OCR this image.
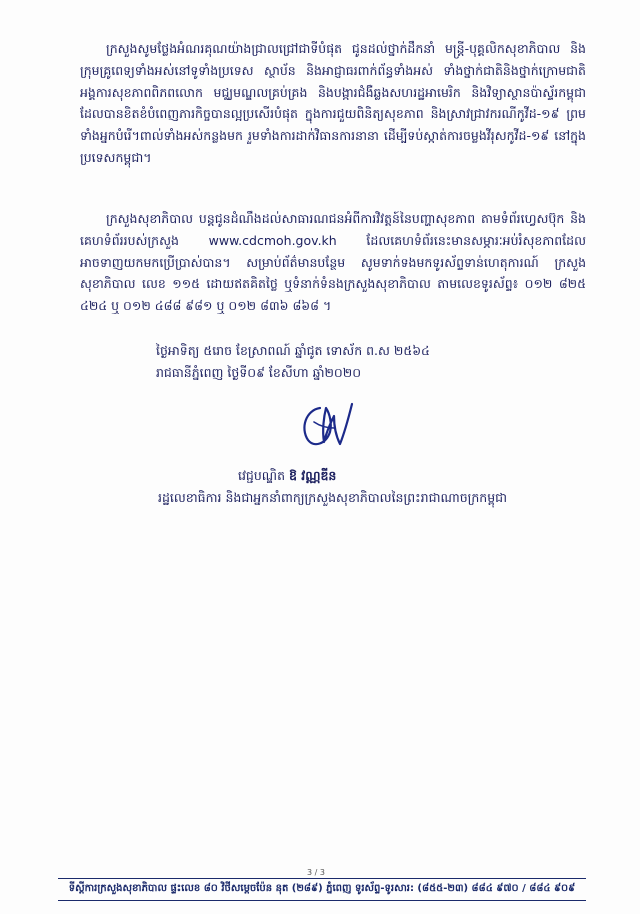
ក្រសួងសូមថ្លែងអំណរគុណយ៉ាងជ្រាលជ្រៅជាទីបំផុត ជូនដល់ថ្នាក់ដឹកនាំ មន្ត្រី-បុគ្គលិកសុខាភិបាល និងក្រុមគ្រូពេទ្យទាំងអស់នៅទូទាំងប្រទេស ស្ថាប័ន និងអាជ្ញាធរពាក់ព័ន្ធទាំងអស់ ទាំងថ្នាក់ជាតិនិងថ្នាក់ក្រោមជាតិ អង្គការសុខភាពពិភពលោក មជ្ឈមណ្ឌលគ្រប់គ្រង និងបង្ការជំងឺឆ្លងសហរដ្ឋអាមេរិក និងវិទ្យាស្ថានប៉ាស្ទ័រកម្ពុជា ដែលបានខិតខំបំពេញភារកិច្ចបានល្អប្រសើរបំផុត ក្នុងការជួយពិនិត្យសុខភាព និងស្រាវជ្រាវករណីកូវីដ-១៩ ព្រមទាំងអ្នកបំរើ។ពាល់ទាំងអស់កន្លងមក រួមទាំងការដាក់វិធានការនានា ដើម្បីទប់ស្កាត់ការចម្លងវីរុសកូវីដ-១៩ នៅក្នុងប្រទេសកម្ពុជា។

ក្រសួងសុខាភិបាល បន្តជូនដំណឹងដល់សាធារណជនអំពីការវិវត្តន៍នៃបញ្ហាសុខភាព តាមទំព័រហ្វេសប៊ុក និងគេហទំព័ររបស់ក្រសួង www.cdcmoh.gov.kh ដែលគេហទំព័រនេះមានសម្ភារៈអប់រំសុខភាពដែលអាចទាញយកមកប្រើប្រាស់បាន។ សម្រាប់ព័ត៌មានបន្ថែម សូមទាក់ទងមកទូរស័ព្ទទាន់ហេតុការណ៍ ក្រសួងសុខាភិបាល លេខ ១១៥ ដោយឥតគិតថ្លៃ ឬទំនាក់ទំនងក្រសួងសុខាភិបាល តាមលេខទូរស័ព្ទ៖ ០១២ ៨២៥ ៤២៤ ឬ ០១២ ៤៨៨ ៩៨១ ឬ ០១២ ៨៣៦ ៨៦៨ ។

ថ្ងៃអាទិត្យ ៥រោច ខែស្រាពណ៍ ឆ្នាំជូត ទោស័ក ព.ស ២៥៦៤
រាជធានីភ្នំពេញ ថ្ងៃទី០៩ ខែសីហា ឆ្នាំ២០២០
វេជ្ជបណ្ឌិត ឱ វណ្ណឌីន
រដ្ឋលេខាធិការ និងជាអ្នកនាំពាក្យក្រសួងសុខាភិបាលនៃព្រះរាជាណាចក្រកម្ពុជា
3 / 3
ទីស្តីការក្រសួងសុខាភិបាល ផ្ទះលេខ ៨០ វិថីសម្តេចប៉ែន នុត (២៨៩) ភ្នំពេញ ទូរស័ព្ទ-ទូរសារ: (៨៥៥-២៣) ៨៨៤ ៩៧០ / ៨៨៤ ៩០៩
